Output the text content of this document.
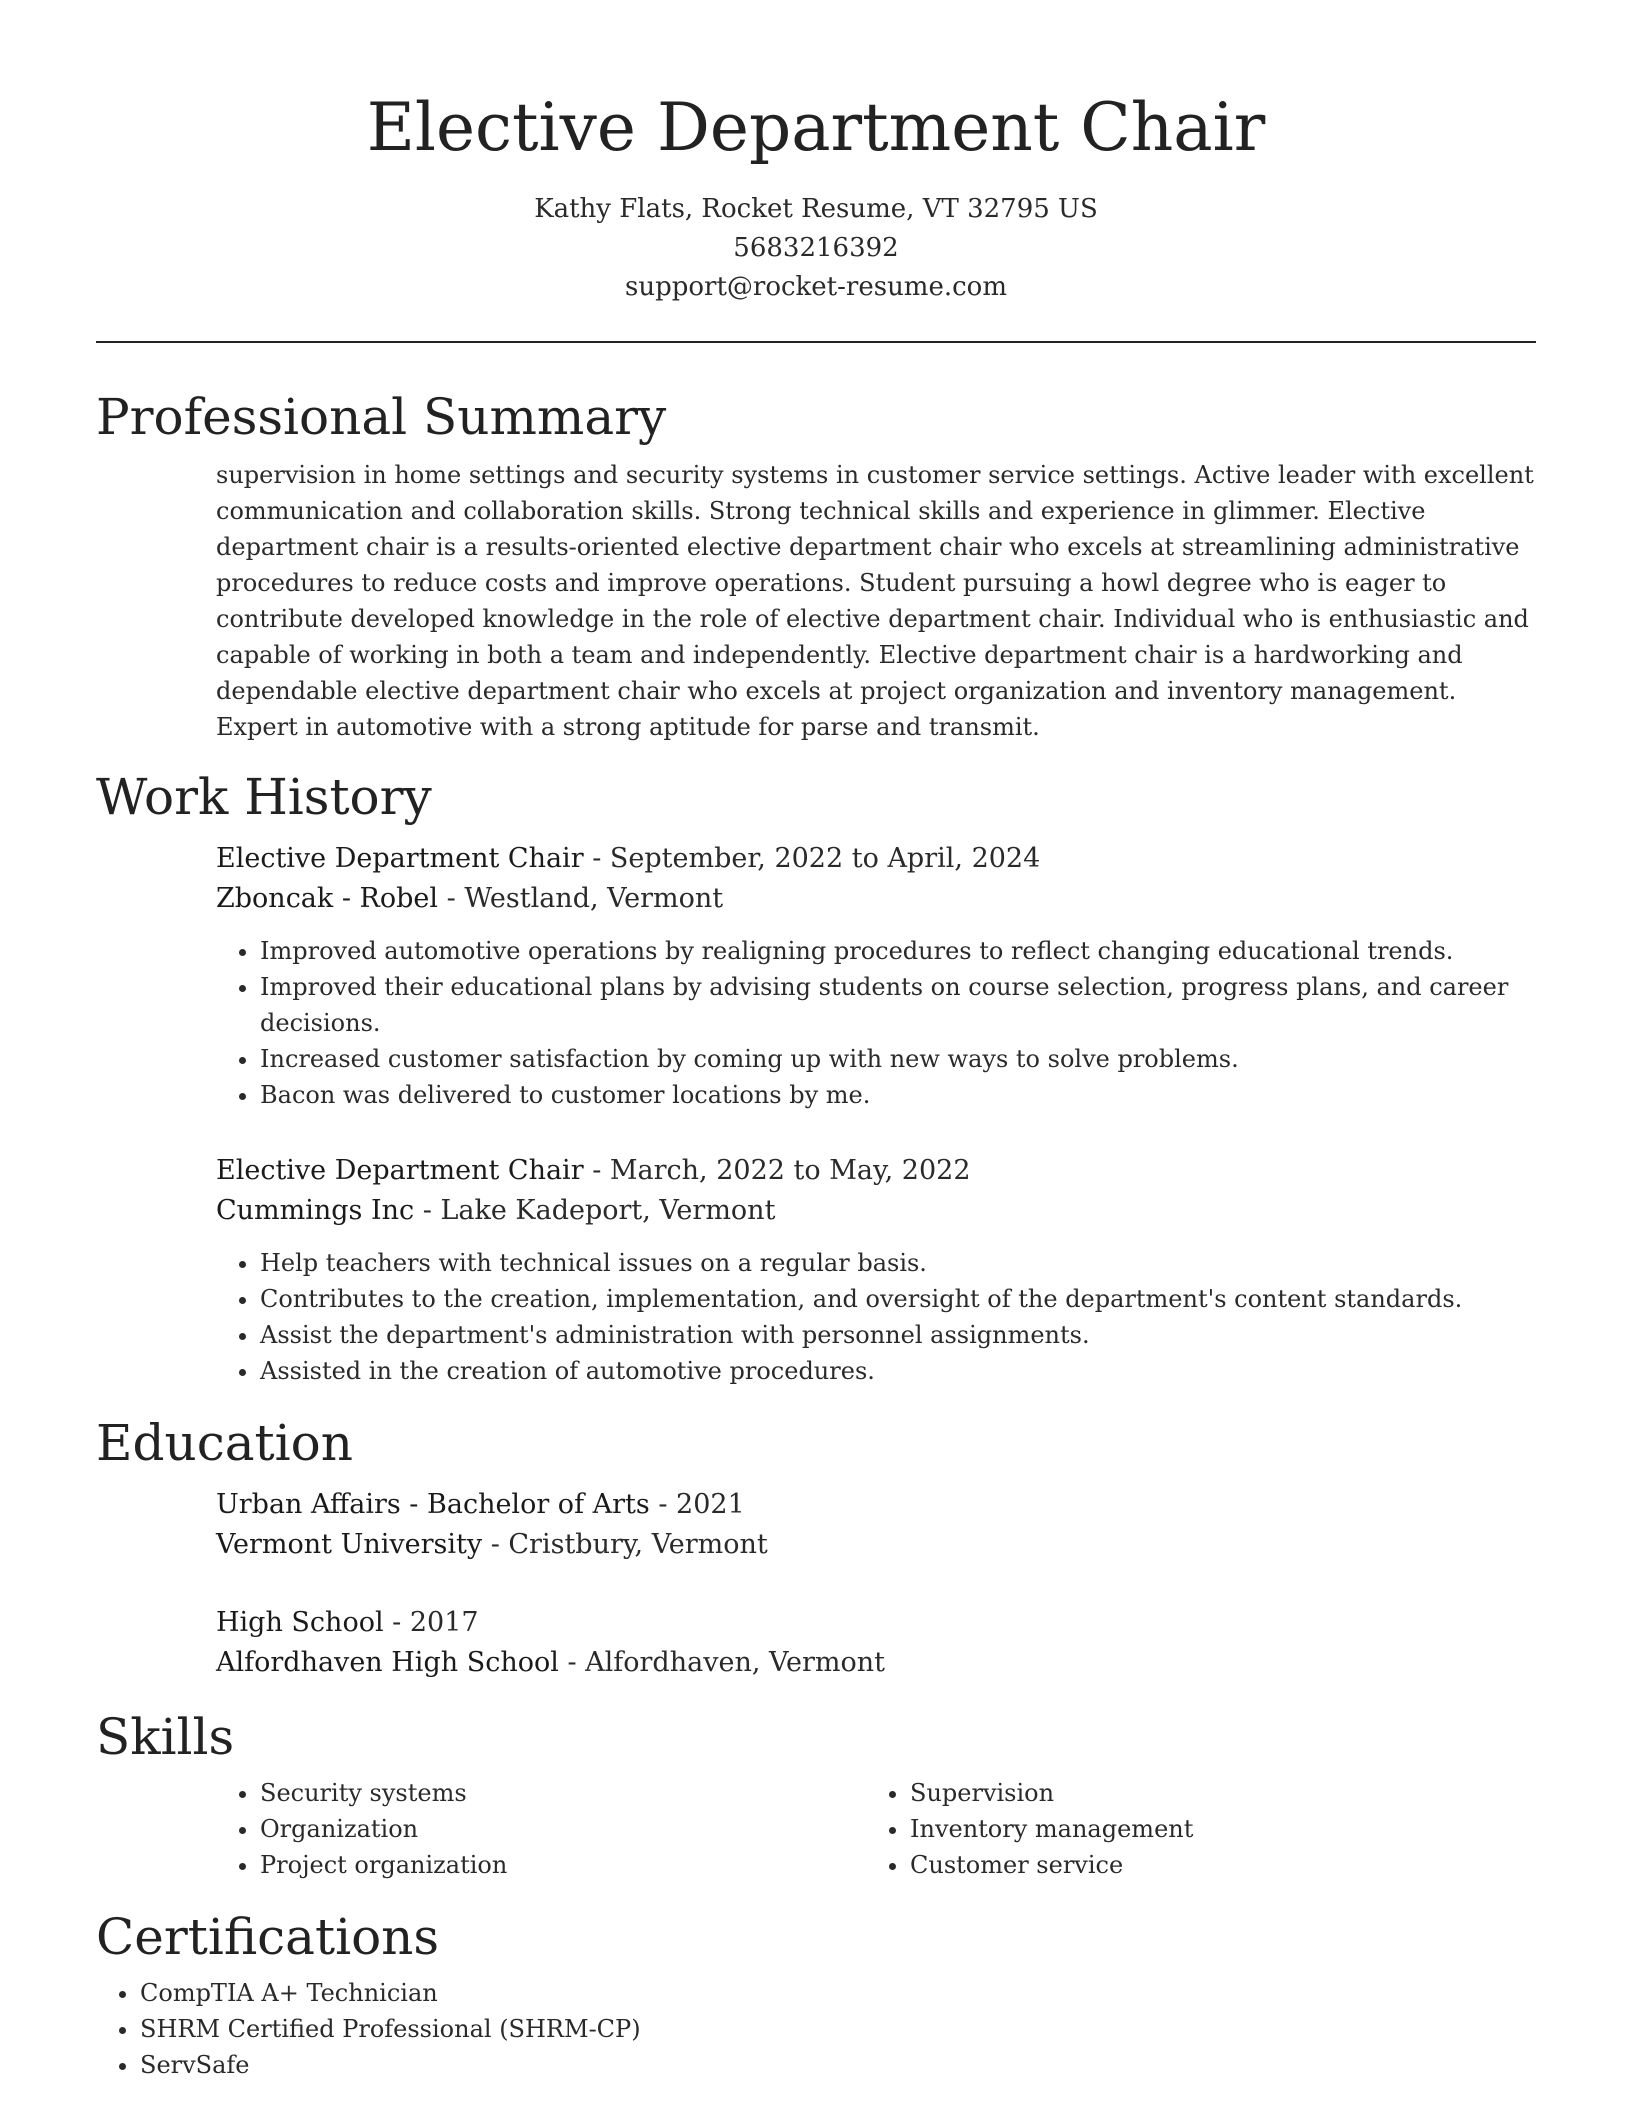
Elective Department Chair
Kathy Flats, Rocket Resume, VT 32795 US
5683216392
support@rocket-resume.com
Professional Summary

supervision in home settings and security systems in customer service settings. Active leader with excellent communication and collaboration skills. Strong technical skills and experience in glimmer. Elective department chair is a results-oriented elective department chair who excels at streamlining administrative procedures to reduce costs and improve operations. Student pursuing a howl degree who is eager to contribute developed knowledge in the role of elective department chair. Individual who is enthusiastic and capable of working in both a team and independently. Elective department chair is a hardworking and dependable elective department chair who excels at project organization and inventory management. Expert in automotive with a strong aptitude for parse and transmit.

Work History
Elective Department Chair - September, 2022 to April, 2024
Zboncak - Robel - Westland, Vermont
• Improved automotive operations by realigning procedures to reflect changing educational trends.
• Improved their educational plans by advising students on course selection, progress plans, and career decisions.
• Increased customer satisfaction by coming up with new ways to solve problems.
• Bacon was delivered to customer locations by me.
Elective Department Chair - March, 2022 to May, 2022
Cummings Inc - Lake Kadeport, Vermont
• Help teachers with technical issues on a regular basis.
• Contributes to the creation, implementation, and oversight of the department's content standards.
• Assist the department's administration with personnel assignments.
• Assisted in the creation of automotive procedures.
Education
Urban Affairs - Bachelor of Arts - 2021
Vermont University - Cristbury, Vermont
High School - 2017
Alfordhaven High School - Alfordhaven, Vermont
Skills
• Security systems
• Organization
• Project organization
• Supervision
• Inventory management
• Customer service
Certifications
• CompTIA A+ Technician
• SHRM Certified Professional (SHRM-CP)
• ServSafe
